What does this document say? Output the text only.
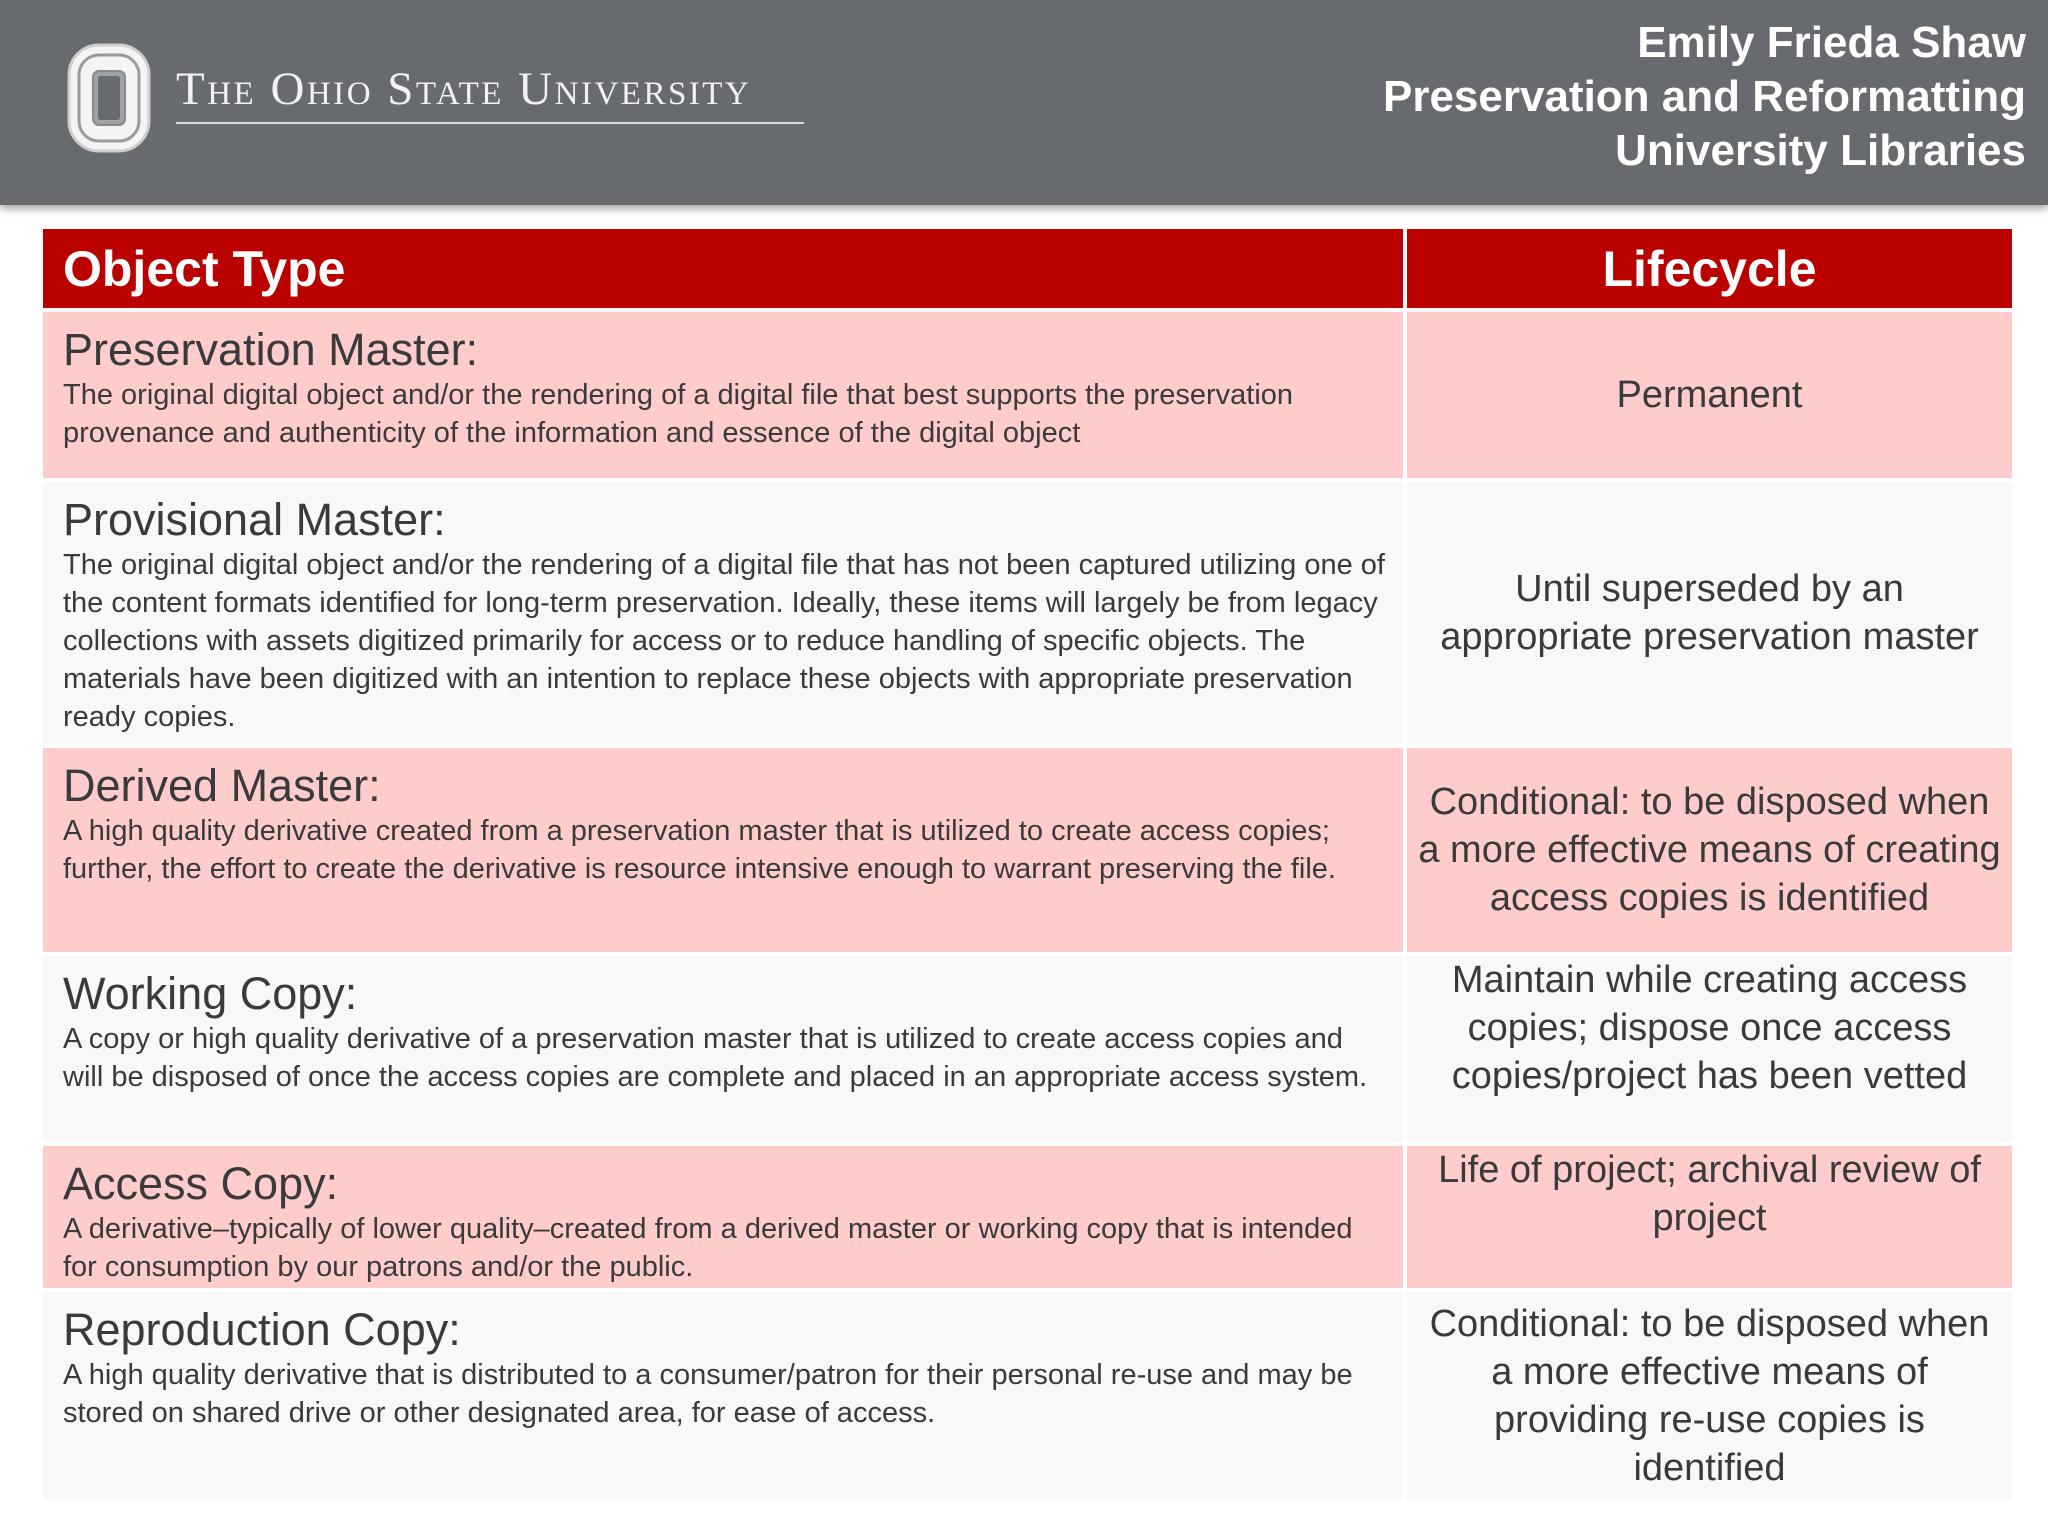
The Ohio State University
Emily Frieda Shaw
Preservation and Reformatting
University Libraries
Object Type	Lifecycle

Preservation Master:
The original digital object and/or the rendering of a digital file that best supports the preservation provenance and authenticity of the information and essence of the digital object	Permanent

Provisional Master:
The original digital object and/or the rendering of a digital file that has not been captured utilizing one of the content formats identified for long-term preservation. Ideally, these items will largely be from legacy collections with assets digitized primarily for access or to reduce handling of specific objects. The materials have been digitized with an intention to replace these objects with appropriate preservation ready copies.	Until superseded by an appropriate preservation master

Derived Master:
A high quality derivative created from a preservation master that is utilized to create access copies; further, the effort to create the derivative is resource intensive enough to warrant preserving the file.	Conditional: to be disposed when a more effective means of creating access copies is identified

Working Copy:
A copy or high quality derivative of a preservation master that is utilized to create access copies and will be disposed of once the access copies are complete and placed in an appropriate access system.	Maintain while creating access copies; dispose once access copies/project has been vetted

Access Copy:
A derivative–typically of lower quality–created from a derived master or working copy that is intended for consumption by our patrons and/or the public.	Life of project; archival review of project

Reproduction Copy:
A high quality derivative that is distributed to a consumer/patron for their personal re-use and may be stored on shared drive or other designated area, for ease of access.	Conditional: to be disposed when a more effective means of providing re-use copies is identified
